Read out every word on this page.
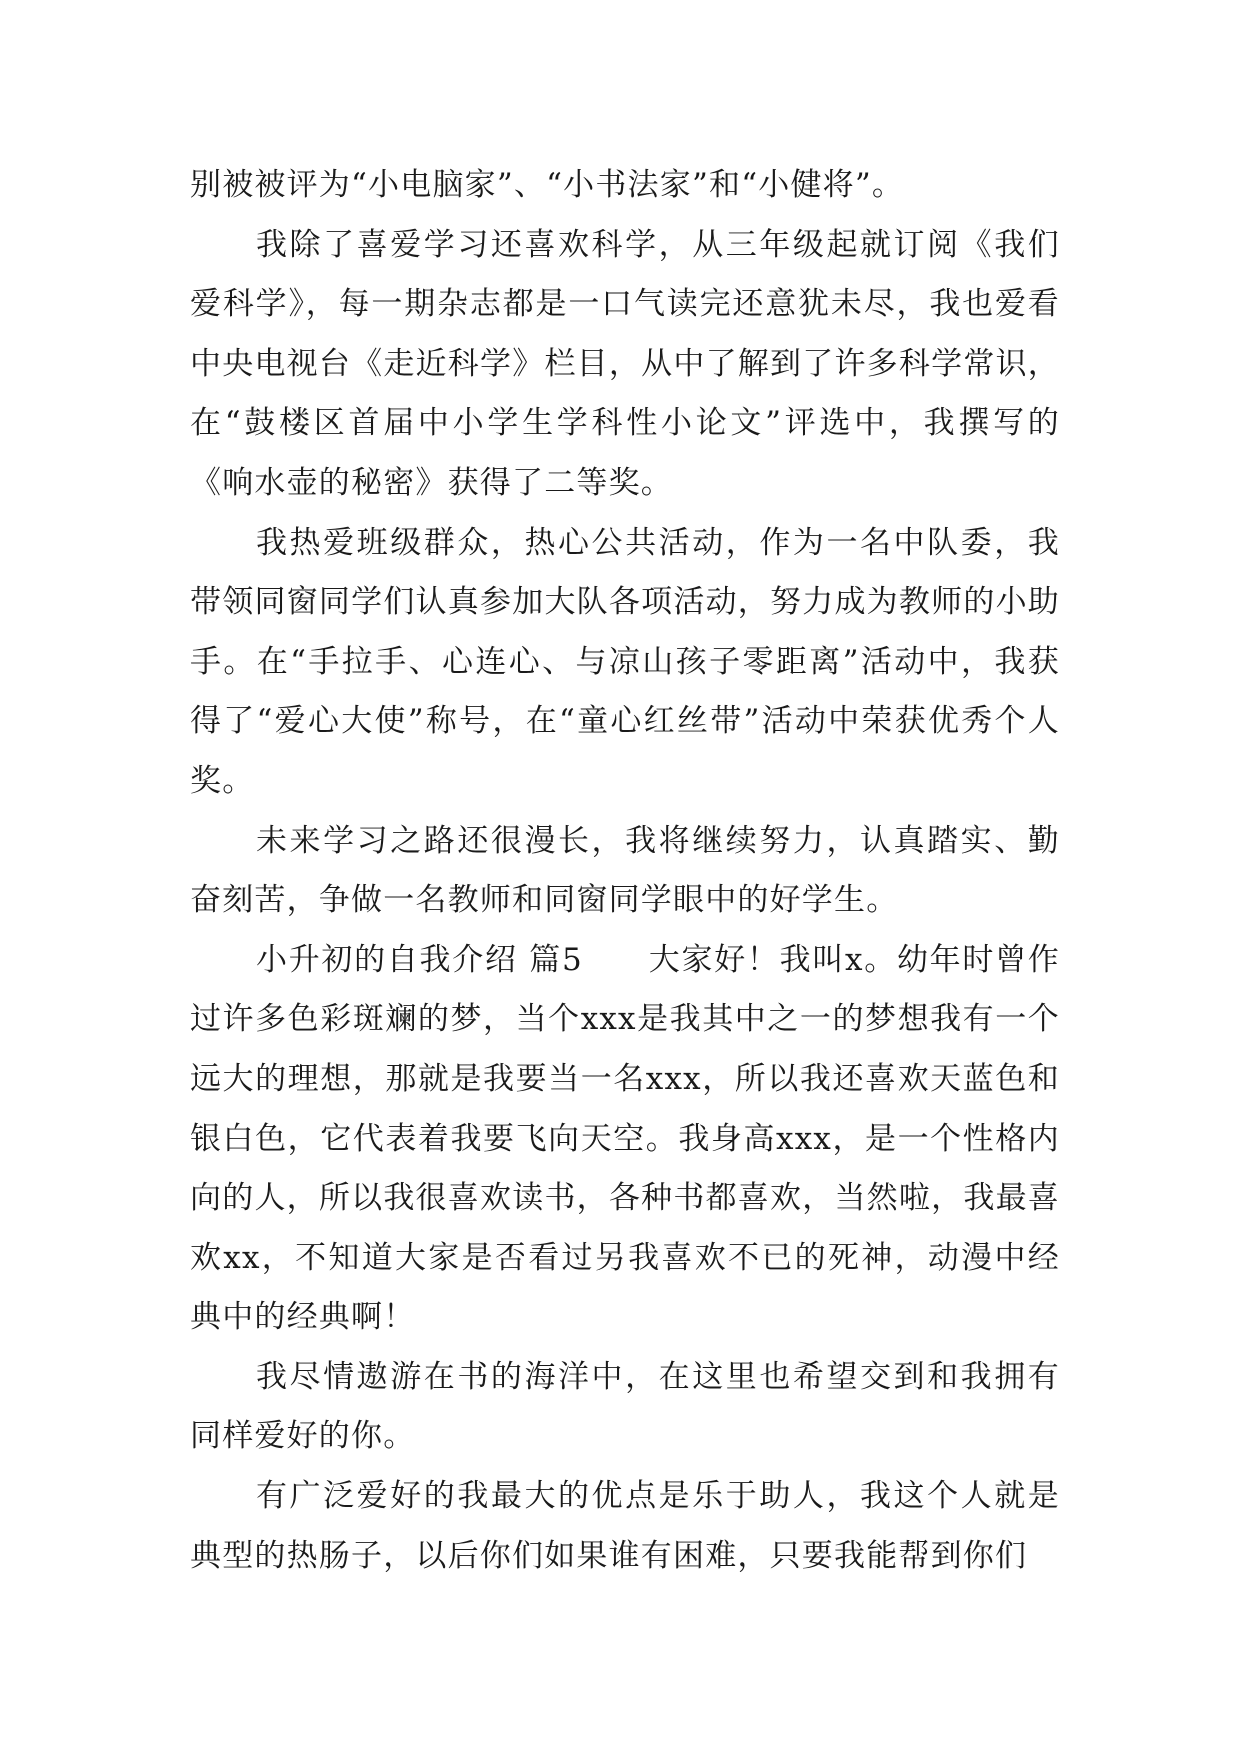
别被被评为“小电脑家”、“小书法家”和“小健将”。

我除了喜爱学习还喜欢科学，从三年级起就订阅《我们爱科学》，每一期杂志都是一口气读完还意犹未尽，我也爱看中央电视台《走近科学》栏目，从中了解到了许多科学常识，在“鼓楼区首届中小学生学科性小论文”评选中，我撰写的《响水壶的秘密》获得了二等奖。

我热爱班级群众，热心公共活动，作为一名中队委，我带领同窗同学们认真参加大队各项活动，努力成为教师的小助手。在“手拉手、心连心、与凉山孩子零距离”活动中，我获得了“爱心大使”称号，在“童心红丝带”活动中荣获优秀个人奖。

未来学习之路还很漫长，我将继续努力，认真踏实、勤奋刻苦，争做一名教师和同窗同学眼中的好学生。

小升初的自我介绍 篇5　　大家好！我叫x。幼年时曾作过许多色彩斑斓的梦，当个xxx是我其中之一的梦想我有一个远大的理想，那就是我要当一名xxx，所以我还喜欢天蓝色和银白色，它代表着我要飞向天空。我身高xxx，是一个性格内向的人，所以我很喜欢读书，各种书都喜欢，当然啦，我最喜欢xx，不知道大家是否看过另我喜欢不已的死神，动漫中经典中的经典啊！

我尽情遨游在书的海洋中，在这里也希望交到和我拥有同样爱好的你。

有广泛爱好的我最大的优点是乐于助人，我这个人就是典型的热肠子，以后你们如果谁有困难，只要我能帮到你们
